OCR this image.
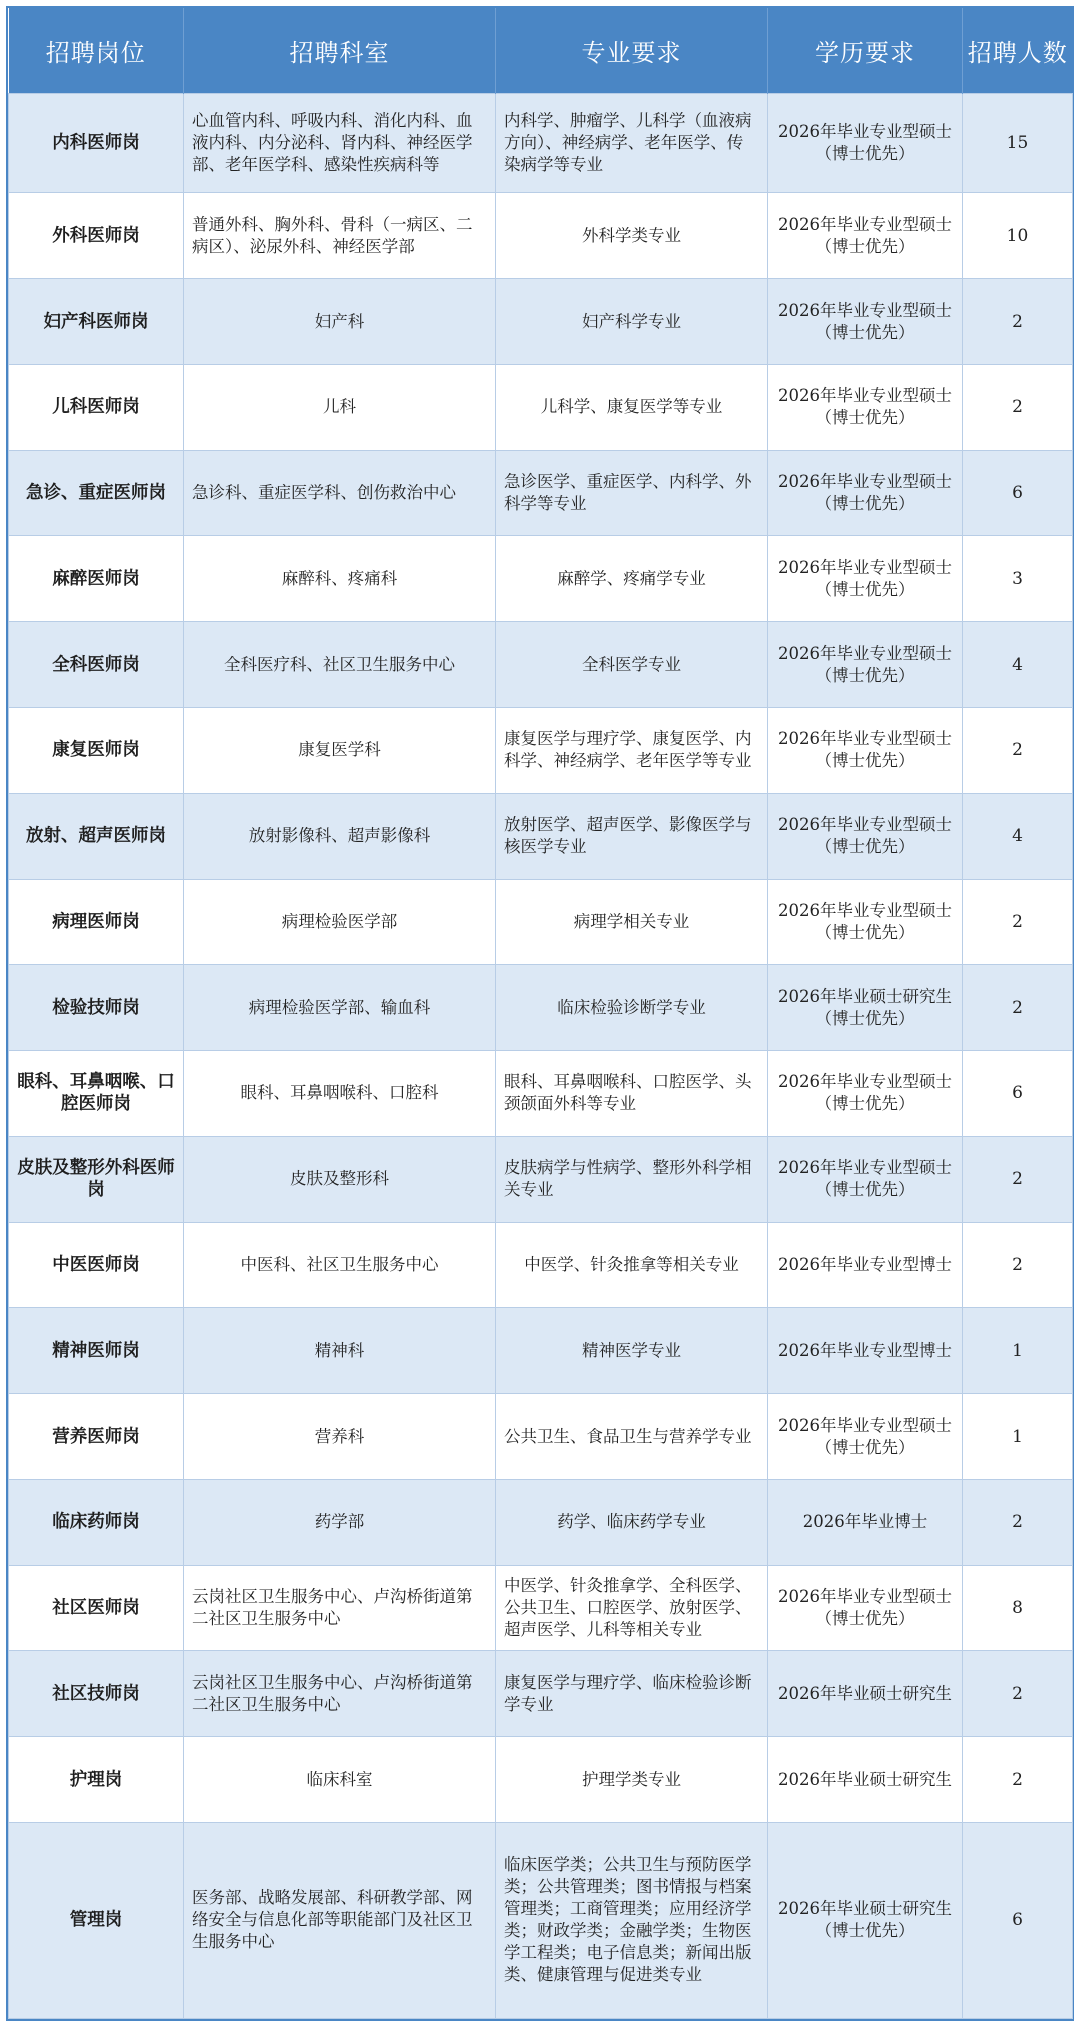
招聘岗位	招聘科室	专业要求	学历要求	招聘人数
内科医师岗	心血管内科、呼吸内科、消化内科、血液内科、内分泌科、肾内科、神经医学部、老年医学科、感染性疾病科等	内科学、肿瘤学、儿科学（血液病方向）、神经病学、老年医学、传染病学等专业	2026年毕业专业型硕士（博士优先）	15
外科医师岗	普通外科、胸外科、骨科（一病区、二病区）、泌尿外科、神经医学部	外科学类专业	2026年毕业专业型硕士（博士优先）	10
妇产科医师岗	妇产科	妇产科学专业	2026年毕业专业型硕士（博士优先）	2
儿科医师岗	儿科	儿科学、康复医学等专业	2026年毕业专业型硕士（博士优先）	2
急诊、重症医师岗	急诊科、重症医学科、创伤救治中心	急诊医学、重症医学、内科学、外科学等专业	2026年毕业专业型硕士（博士优先）	6
麻醉医师岗	麻醉科、疼痛科	麻醉学、疼痛学专业	2026年毕业专业型硕士（博士优先）	3
全科医师岗	全科医疗科、社区卫生服务中心	全科医学专业	2026年毕业专业型硕士（博士优先）	4
康复医师岗	康复医学科	康复医学与理疗学、康复医学、内科学、神经病学、老年医学等专业	2026年毕业专业型硕士（博士优先）	2
放射、超声医师岗	放射影像科、超声影像科	放射医学、超声医学、影像医学与核医学专业	2026年毕业专业型硕士（博士优先）	4
病理医师岗	病理检验医学部	病理学相关专业	2026年毕业专业型硕士（博士优先）	2
检验技师岗	病理检验医学部、输血科	临床检验诊断学专业	2026年毕业硕士研究生（博士优先）	2
眼科、耳鼻咽喉、口腔医师岗	眼科、耳鼻咽喉科、口腔科	眼科、耳鼻咽喉科、口腔医学、头颈颌面外科等专业	2026年毕业专业型硕士（博士优先）	6
皮肤及整形外科医师岗	皮肤及整形科	皮肤病学与性病学、整形外科学相关专业	2026年毕业专业型硕士（博士优先）	2
中医医师岗	中医科、社区卫生服务中心	中医学、针灸推拿等相关专业	2026年毕业专业型博士	2
精神医师岗	精神科	精神医学专业	2026年毕业专业型博士	1
营养医师岗	营养科	公共卫生、食品卫生与营养学专业	2026年毕业专业型硕士（博士优先）	1
临床药师岗	药学部	药学、临床药学专业	2026年毕业博士	2
社区医师岗	云岗社区卫生服务中心、卢沟桥街道第二社区卫生服务中心	中医学、针灸推拿学、全科医学、公共卫生、口腔医学、放射医学、超声医学、儿科等相关专业	2026年毕业专业型硕士（博士优先）	8
社区技师岗	云岗社区卫生服务中心、卢沟桥街道第二社区卫生服务中心	康复医学与理疗学、临床检验诊断学专业	2026年毕业硕士研究生	2
护理岗	临床科室	护理学类专业	2026年毕业硕士研究生	2
管理岗	医务部、战略发展部、科研教学部、网络安全与信息化部等职能部门及社区卫生服务中心	临床医学类；公共卫生与预防医学类；公共管理类；图书情报与档案管理类；工商管理类；应用经济学类；财政学类；金融学类；生物医学工程类；电子信息类；新闻出版类、健康管理与促进类专业	2026年毕业硕士研究生（博士优先）	6
